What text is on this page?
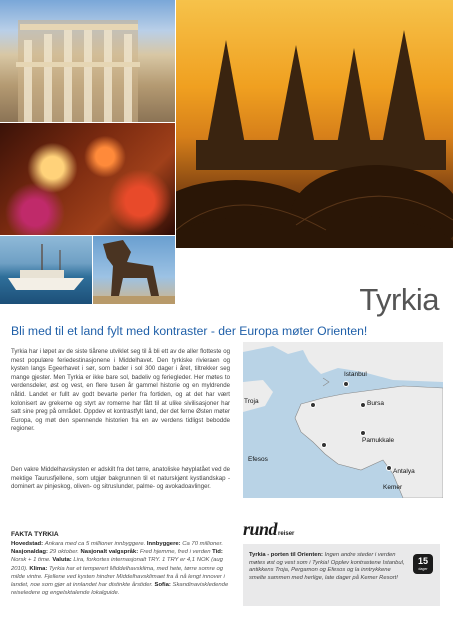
Tyrkia
Bli med til et land fylt med kontraster - der Europa møter Orienten!

Tyrkia har i løpet av de siste tiårene utviklet seg til å bli ett av de aller flotteste og mest populære feriedestinasjonene i Middelhavet. Den tyrkiske rivieraen og kysten langs Egeerhavet i sør, som bader i sol 300 dager i året, tiltrekker seg mange gjester. Men Tyrkia er ikke bare sol, badeliv og feriegleder. Her møtes to verdensdeler, øst og vest, en flere tusen år gammel historie og en myldrende nåtid. Landet er fullt av godt bevarte perler fra fortiden, og at det har vært kolonisert av grekerne og styrt av romerne har fått til at ulike sivilisasjoner har satt sine preg på området. Oppdev et kontrastfylt land, der det ferne Østen møter Europa, og møt den spennende historien fra en av verdens tidligst bebodde regioner.

Den vakre Middelhavskysten er adskilt fra det tørre, anatoliske høyplatået ved de mektige Taurusfjellene, som utgjør bakgrunnen til et naturskjønt kystlandskap - dominert av pinjeskog, oliven- og sitruslunder, palme- og avokadoavlinger.

Istanbul
Bursa
Troja
Pamukkale
Efesos
Antalya
Kemer
FAKTA TYRKIA
Hovedstad: Ankara med ca 5 millioner innbyggere. Innbyggere: Ca 70 millioner. Nasjonaldag: 29 oktober. Nasjonalt valgspråk: Fred hjemme, fred i verden Tid: Norsk + 1 time. Valuta: Lira, forkortes internasjonalt TRY. 1 TRY er 4,1 NOK (aug 2010). Klima: Tyrkia har et temperert Middelhavsklima, med hete, tørre somre og milde vintre. Fjellene ved kysten hindrer Middelhavsklimaet fra å nå lengt innover i landet, noe som gjør at innlandet har distinkte årstider. Sofia: Skandinaviskledende reiseledere og engelsktalende lokalguide.
rundreiser
Tyrkia - porten til Orienten: Ingen andre steder i verden møtes øst og vest som i Tyrkia! Opplev kontrastene Istanbul, antikkens Troja, Pergamon og Efesos og la inntrykkene smelte sammen med herlige, late dager på Kemer Resort!
15
dager
